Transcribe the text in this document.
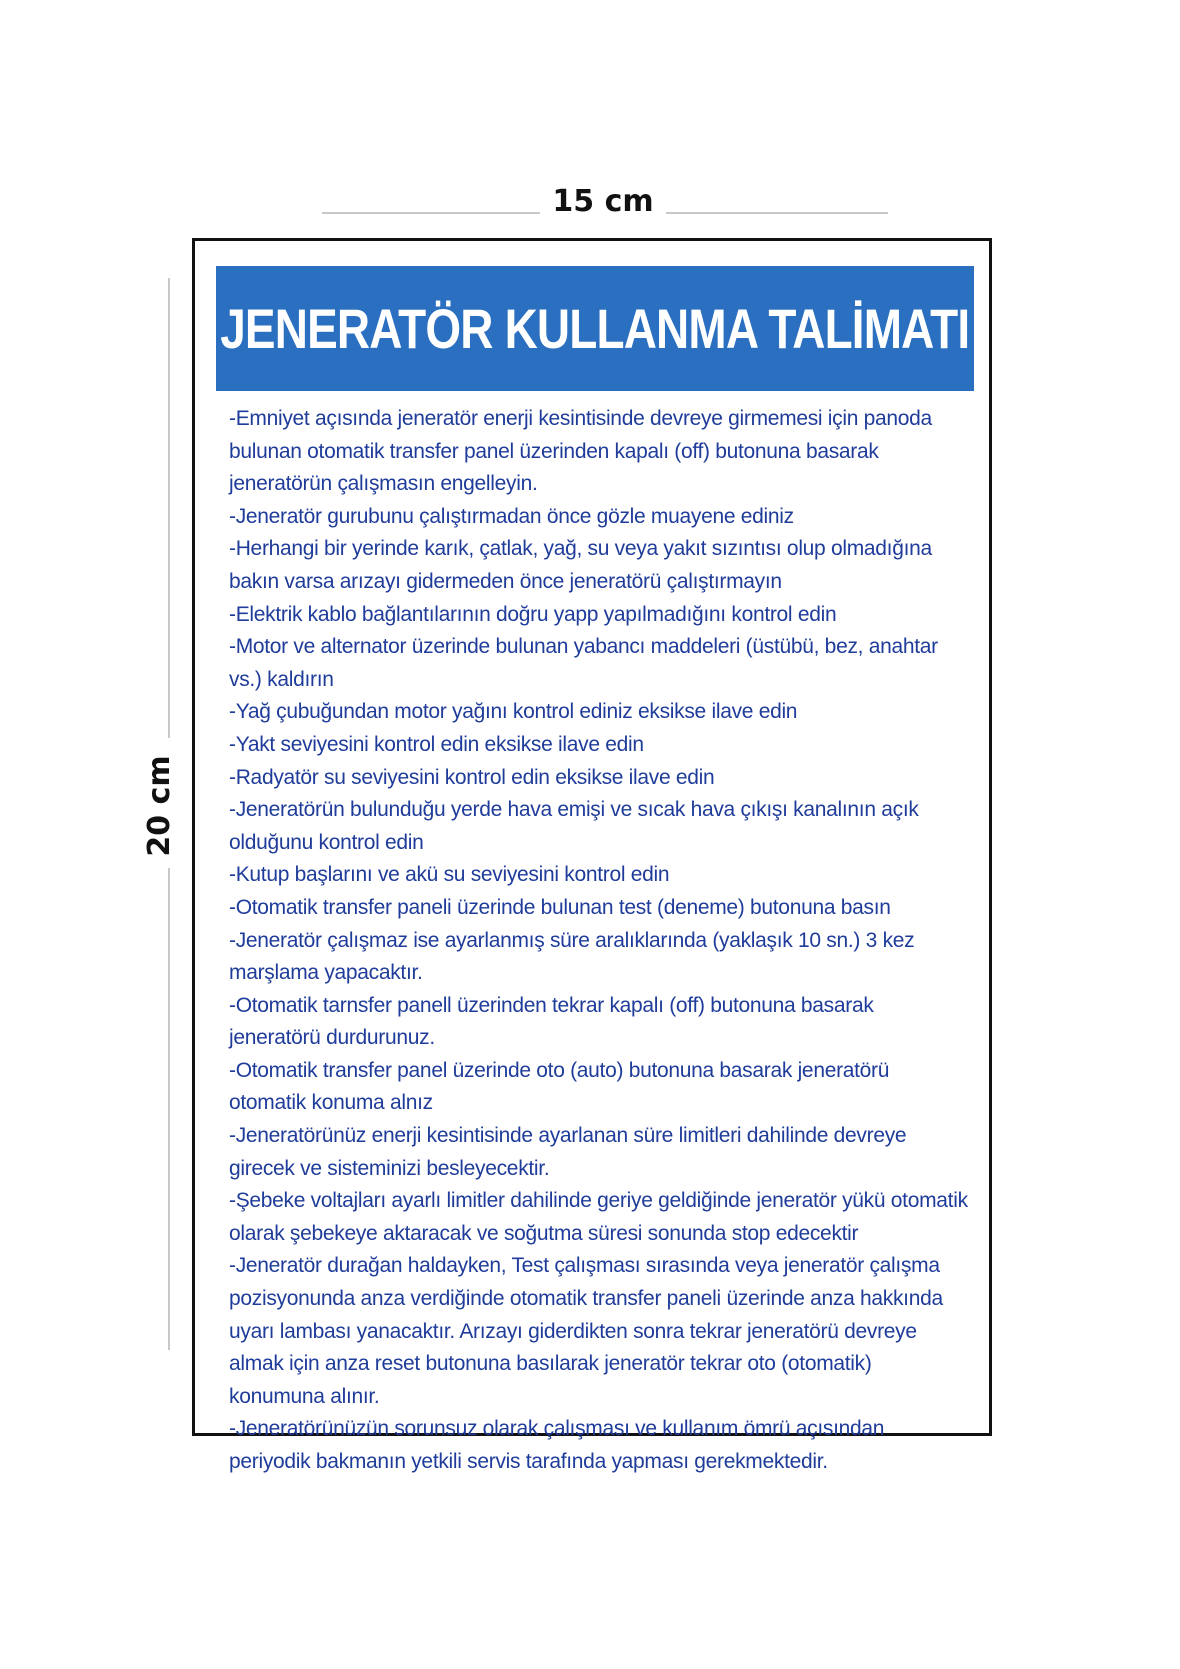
15 cm
20 cm
JENERATÖR KULLANMA TALİMATI

-Emniyet açısında jeneratör enerji kesintisinde devreye girmemesi için panoda bulunan otomatik transfer panel üzerinden kapalı (off) butonuna basarak jeneratörün çalışmasın engelleyin.

-Jeneratör gurubunu çalıştırmadan önce gözle muayene ediniz

-Herhangi bir yerinde karık, çatlak, yağ, su veya yakıt sızıntısı olup olmadığına bakın varsa arızayı gidermeden önce jeneratörü çalıştırmayın

-Elektrik kablo bağlantılarının doğru yapp yapılmadığını kontrol edin

-Motor ve alternator üzerinde bulunan yabancı maddeleri (üstübü, bez, anahtar vs.) kaldırın

-Yağ çubuğundan motor yağını kontrol ediniz eksikse ilave edin

-Yakt seviyesini kontrol edin eksikse ilave edin

-Radyatör su seviyesini kontrol edin eksikse ilave edin

-Jeneratörün bulunduğu yerde hava emişi ve sıcak hava çıkışı kanalının açık olduğunu kontrol edin

-Kutup başlarını ve akü su seviyesini kontrol edin

-Otomatik transfer paneli üzerinde bulunan test (deneme) butonuna basın

-Jeneratör çalışmaz ise ayarlanmış süre aralıklarında (yaklaşık 10 sn.) 3 kez marşlama yapacaktır.

-Otomatik tarnsfer panell üzerinden tekrar kapalı (off) butonuna basarak jeneratörü durdurunuz.

-Otomatik transfer panel üzerinde oto (auto) butonuna basarak jeneratörü otomatik konuma alnız

-Jeneratörünüz enerji kesintisinde ayarlanan süre limitleri dahilinde devreye girecek ve sisteminizi besleyecektir.

-Şebeke voltajları ayarlı limitler dahilinde geriye geldiğinde jeneratör yükü otomatik olarak şebekeye aktaracak ve soğutma süresi sonunda stop edecektir

-Jeneratör durağan haldayken, Test çalışması sırasında veya jeneratör çalışma pozisyonunda anza verdiğinde otomatik transfer paneli üzerinde anza hakkında uyarı lambası yanacaktır. Arızayı giderdikten sonra tekrar jeneratörü devreye almak için anza reset butonuna basılarak jeneratör tekrar oto (otomatik) konumuna alınır.

-Jeneratörünüzün sorunsuz olarak çalışması ve kullanım ömrü açısından periyodik bakmanın yetkili servis tarafında yapması gerekmektedir.
